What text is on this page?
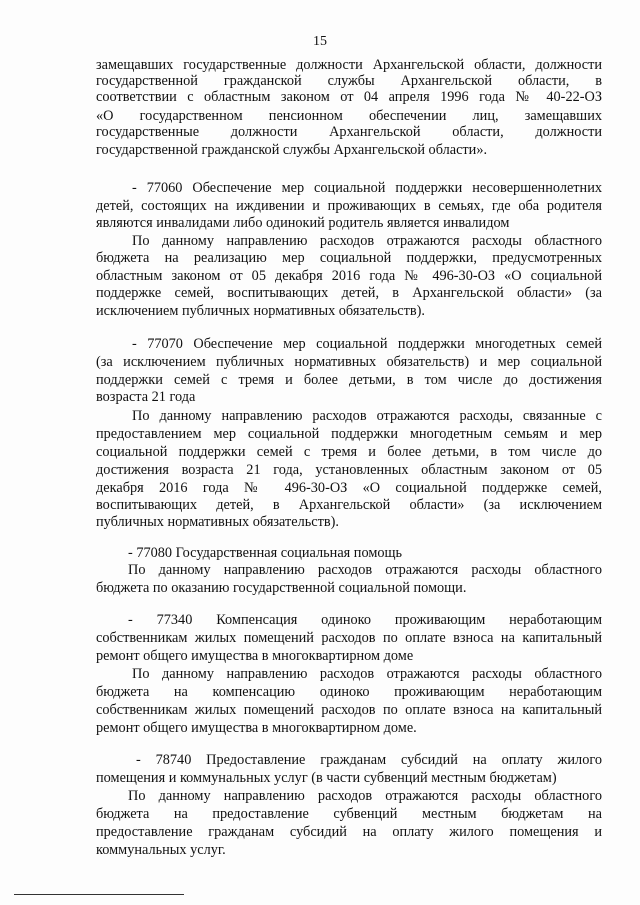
15
замещавших государственные должности Архангельской области, должности
государственной гражданской службы Архангельской области, в
соответствии с областным законом от 04 апреля 1996 года № 40-22-ОЗ
«О государственном пенсионном обеспечении лиц, замещавших
государственные должности Архангельской области, должности
государственной гражданской службы Архангельской области».
- 77060 Обеспечение мер социальной поддержки несовершеннолетних
детей, состоящих на иждивении и проживающих в семьях, где оба родителя
являются инвалидами либо одинокий родитель является инвалидом
По данному направлению расходов отражаются расходы областного
бюджета на реализацию мер социальной поддержки, предусмотренных
областным законом от 05 декабря 2016 года № 496-30-ОЗ «О социальной
поддержке семей, воспитывающих детей, в Архангельской области» (за
исключением публичных нормативных обязательств).
- 77070 Обеспечение мер социальной поддержки многодетных семей
(за исключением публичных нормативных обязательств) и мер социальной
поддержки семей с тремя и более детьми, в том числе до достижения
возраста 21 года
По данному направлению расходов отражаются расходы, связанные с
предоставлением мер социальной поддержки многодетным семьям и мер
социальной поддержки семей с тремя и более детьми, в том числе до
достижения возраста 21 года, установленных областным законом от 05
декабря 2016 года № 496-30-ОЗ «О социальной поддержке семей,
воспитывающих детей, в Архангельской области» (за исключением
публичных нормативных обязательств).
- 77080 Государственная социальная помощь
По данному направлению расходов отражаются расходы областного
бюджета по оказанию государственной социальной помощи.
- 77340 Компенсация одиноко проживающим неработающим
собственникам жилых помещений расходов по оплате взноса на капитальный
ремонт общего имущества в многоквартирном доме
По данному направлению расходов отражаются расходы областного
бюджета на компенсацию одиноко проживающим неработающим
собственникам жилых помещений расходов по оплате взноса на капитальный
ремонт общего имущества в многоквартирном доме.
- 78740 Предоставление гражданам субсидий на оплату жилого
помещения и коммунальных услуг (в части субвенций местным бюджетам)
По данному направлению расходов отражаются расходы областного
бюджета на предоставление субвенций местным бюджетам на
предоставление гражданам субсидий на оплату жилого помещения и
коммунальных услуг.
